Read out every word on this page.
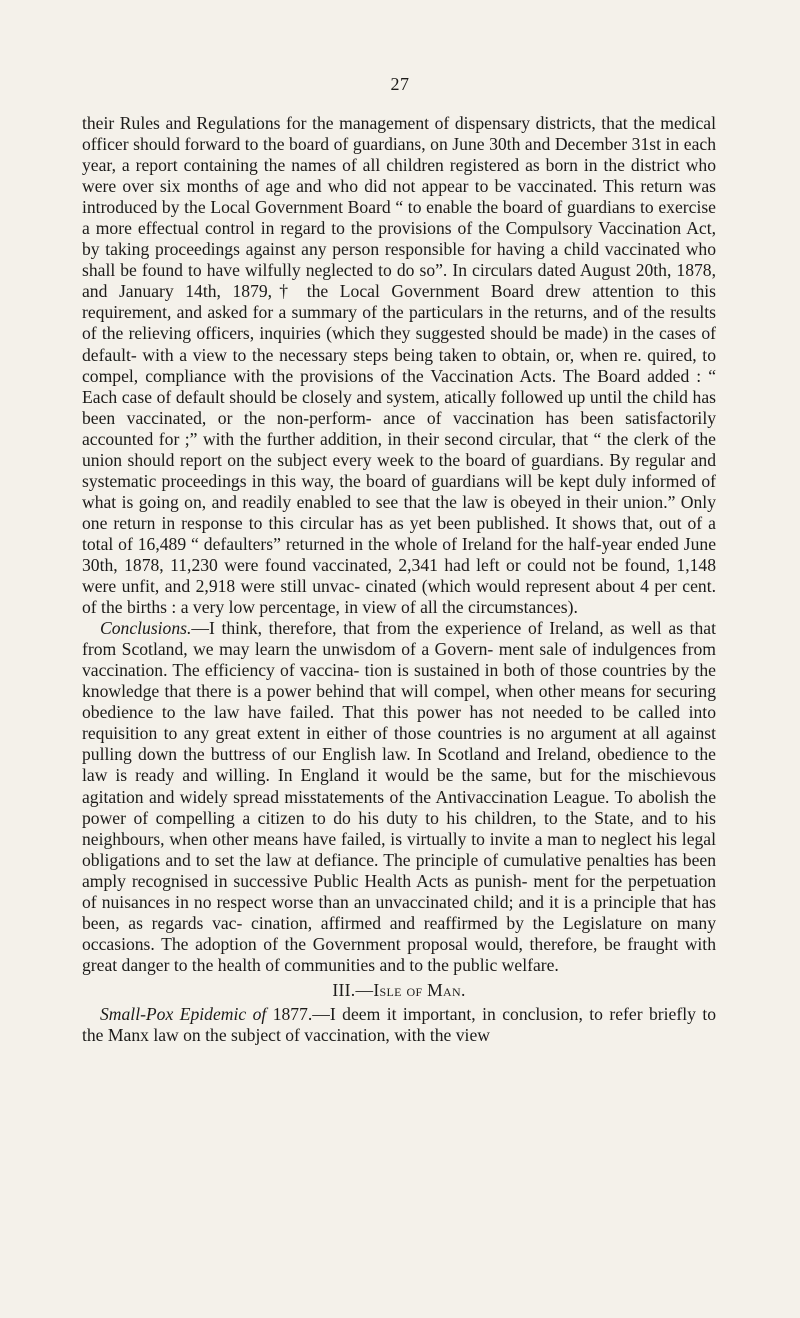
27

their Rules and Regulations for the management of dispensary districts, that the medical officer should forward to the board of guardians, on June 30th and December 31st in each year, a report containing the names of all children registered as born in the district who were over six months of age and who did not appear to be vaccinated. This return was introduced by the Local Government Board “ to enable the board of guardians to exercise a more effectual control in regard to the provisions of the Compulsory Vaccination Act, by taking proceedings against any person responsible for having a child vaccinated who shall be found to have wilfully neglected to do so”. In circulars dated August 20th, 1878, and January 14th, 1879,† the Local Government Board drew attention to this requirement, and asked for a summary of the particulars in the returns, and of the results of the relieving officers, inquiries (which they suggested should be made) in the cases of default- with a view to the necessary steps being taken to obtain, or, when re. quired, to compel, compliance with the provisions of the Vaccination Acts. The Board added : “ Each case of default should be closely and system, atically followed up until the child has been vaccinated, or the non-perform- ance of vaccination has been satisfactorily accounted for ;” with the further addition, in their second circular, that “ the clerk of the union should report on the subject every week to the board of guardians. By regular and systematic proceedings in this way, the board of guardians will be kept duly informed of what is going on, and readily enabled to see that the law is obeyed in their union.” Only one return in response to this circular has as yet been published. It shows that, out of a total of 16,489 “ defaulters” returned in the whole of Ireland for the half-year ended June 30th, 1878, 11,230 were found vaccinated, 2,341 had left or could not be found, 1,148 were unfit, and 2,918 were still unvac- cinated (which would represent about 4 per cent. of the births : a very low percentage, in view of all the circumstances).

Conclusions.—I think, therefore, that from the experience of Ireland, as well as that from Scotland, we may learn the unwisdom of a Govern- ment sale of indulgences from vaccination. The efficiency of vaccina- tion is sustained in both of those countries by the knowledge that there is a power behind that will compel, when other means for securing obedience to the law have failed. That this power has not needed to be called into requisition to any great extent in either of those countries is no argument at all against pulling down the buttress of our English law. In Scotland and Ireland, obedience to the law is ready and willing. In England it would be the same, but for the mischievous agitation and widely spread misstatements of the Antivaccination League. To abolish the power of compelling a citizen to do his duty to his children, to the State, and to his neighbours, when other means have failed, is virtually to invite a man to neglect his legal obligations and to set the law at defiance. The principle of cumulative penalties has been amply recognised in successive Public Health Acts as punish- ment for the perpetuation of nuisances in no respect worse than an unvaccinated child; and it is a principle that has been, as regards vac- cination, affirmed and reaffirmed by the Legislature on many occasions. The adoption of the Government proposal would, therefore, be fraught with great danger to the health of communities and to the public welfare.

III.—Isle of Man.

Small-Pox Epidemic of 1877.—I deem it important, in conclusion, to refer briefly to the Manx law on the subject of vaccination, with the view
